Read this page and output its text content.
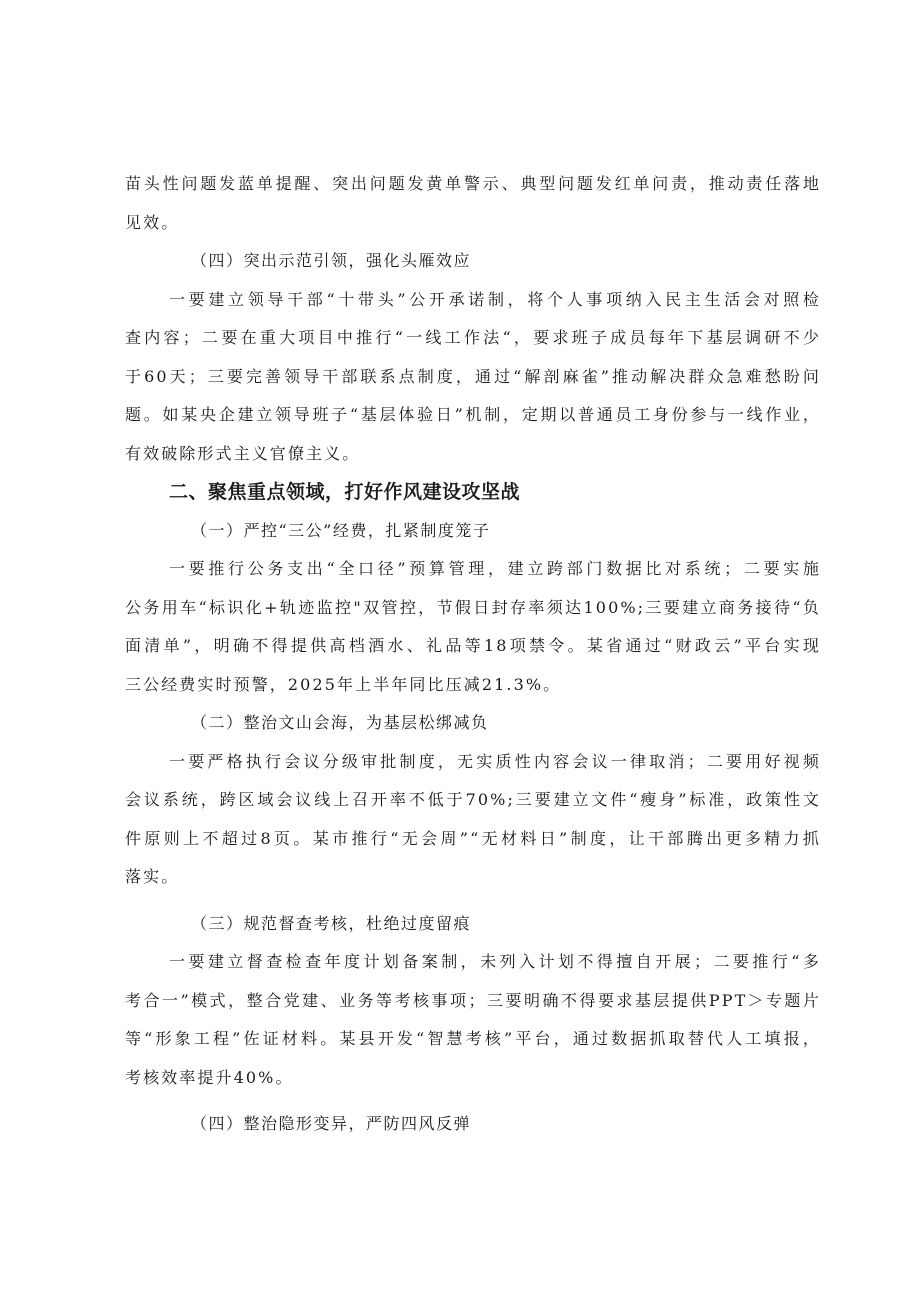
苗头性问题发蓝单提醒、突出问题发黄单警示、典型问题发红单问责，推动责任落地
见效。
（四）突出示范引领，强化头雁效应
一要建立领导干部“十带头”公开承诺制，将个人事项纳入民主生活会对照检
查内容；二要在重大项目中推行“一线工作法“，要求班子成员每年下基层调研不少
于60天；三要完善领导干部联系点制度，通过“解剖麻雀”推动解决群众急难愁盼问
题。如某央企建立领导班子“基层体验日”机制，定期以普通员工身份参与一线作业，
有效破除形式主义官僚主义。
二、聚焦重点领域，打好作风建设攻坚战
（一）严控“三公”经费，扎紧制度笼子
一要推行公务支出“全口径”预算管理，建立跨部门数据比对系统；二要实施
公务用车“标识化+轨迹监控"双管控，节假日封存率须达100%;三要建立商务接待“负
面清单”，明确不得提供高档酒水、礼品等18项禁令。某省通过“财政云”平台实现
三公经费实时预警，2025年上半年同比压减21.3%。
（二）整治文山会海，为基层松绑减负
一要严格执行会议分级审批制度，无实质性内容会议一律取消；二要用好视频
会议系统，跨区域会议线上召开率不低于70%;三要建立文件“瘦身”标准，政策性文
件原则上不超过8页。某市推行“无会周”“无材料日”制度，让干部腾出更多精力抓
落实。
（三）规范督查考核，杜绝过度留痕
一要建立督查检查年度计划备案制，未列入计划不得擅自开展；二要推行“多
考合一”模式，整合党建、业务等考核事项；三要明确不得要求基层提供PPT＞专题片
等“形象工程”佐证材料。某县开发“智慧考核”平台，通过数据抓取替代人工填报，
考核效率提升40%。
（四）整治隐形变异，严防四风反弹
